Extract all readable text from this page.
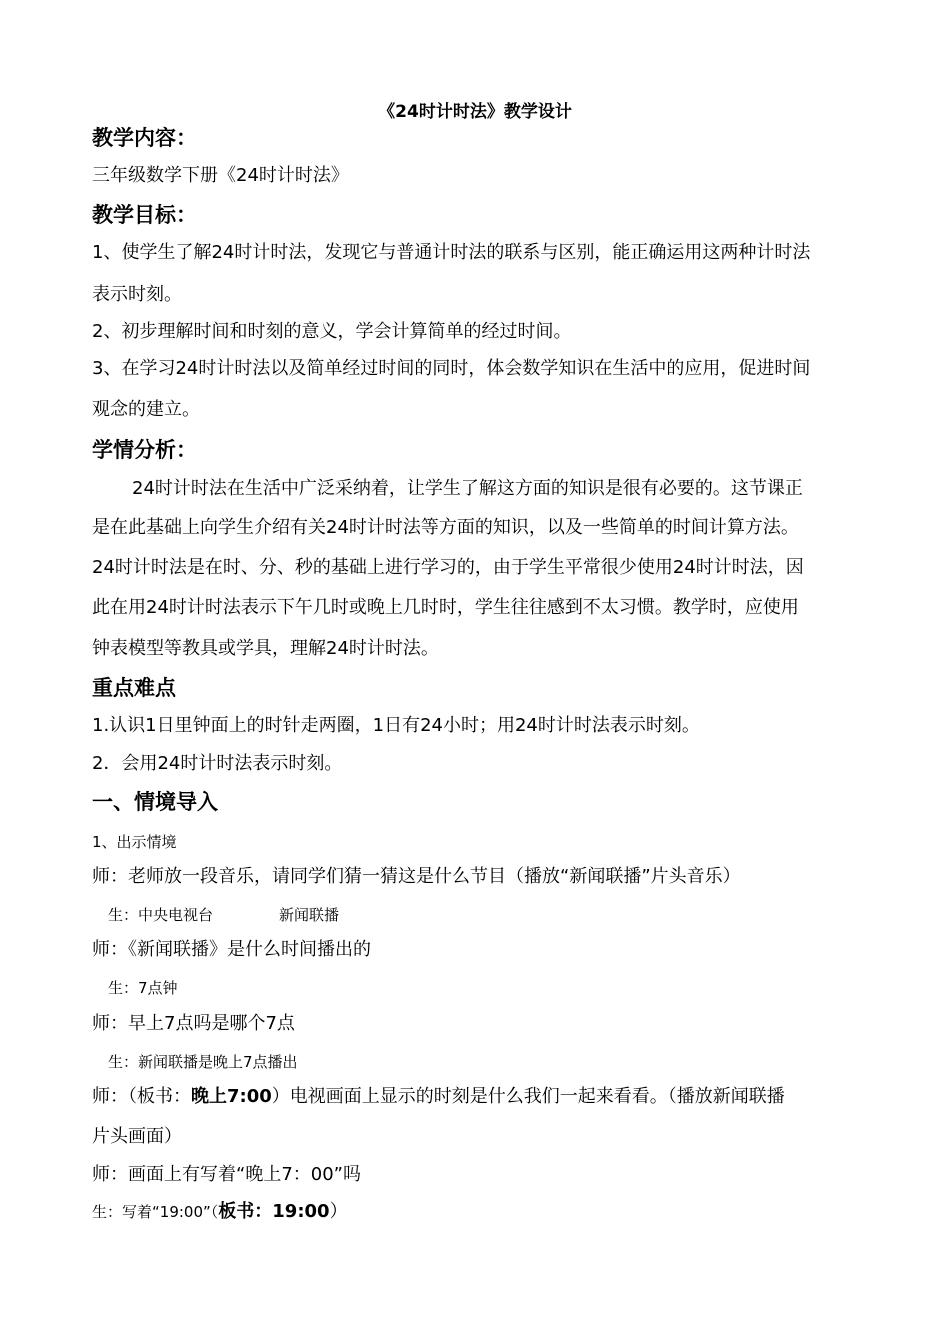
《24时计时法》教学设计
教学内容：
三年级数学下册《24时计时法》
教学目标：
1、使学生了解24时计时法，发现它与普通计时法的联系与区别，能正确运用这两种计时法
表示时刻。
2、初步理解时间和时刻的意义，学会计算简单的经过时间。
3、在学习24时计时法以及简单经过时间的同时，体会数学知识在生活中的应用，促进时间
观念的建立。
学情分析：
24时计时法在生活中广泛采纳着，让学生了解这方面的知识是很有必要的。这节课正
是在此基础上向学生介绍有关24时计时法等方面的知识，以及一些简单的时间计算方法。
24时计时法是在时、分、秒的基础上进行学习的，由于学生平常很少使用24时计时法，因
此在用24时计时法表示下午几时或晚上几时时，学生往往感到不太习惯。教学时，应使用
钟表模型等教具或学具，理解24时计时法。
重点难点
1.认识1日里钟面上的时针走两圈，1日有24小时；用24时计时法表示时刻。
2．会用24时计时法表示时刻。
一、情境导入
1、出示情境
师：老师放一段音乐，请同学们猜一猜这是什么节目（播放“新闻联播”片头音乐）
生：中央电视台	新闻联播
师：《新闻联播》是什么时间播出的
生：7点钟
师：早上7点吗是哪个7点
生：新闻联播是晚上7点播出
师：（板书：晚上7:00）电视画面上显示的时刻是什么我们一起来看看。（播放新闻联播
片头画面）
师：画面上有写着“晚上7：00”吗
生：写着“19:00”（板书：19:00）
